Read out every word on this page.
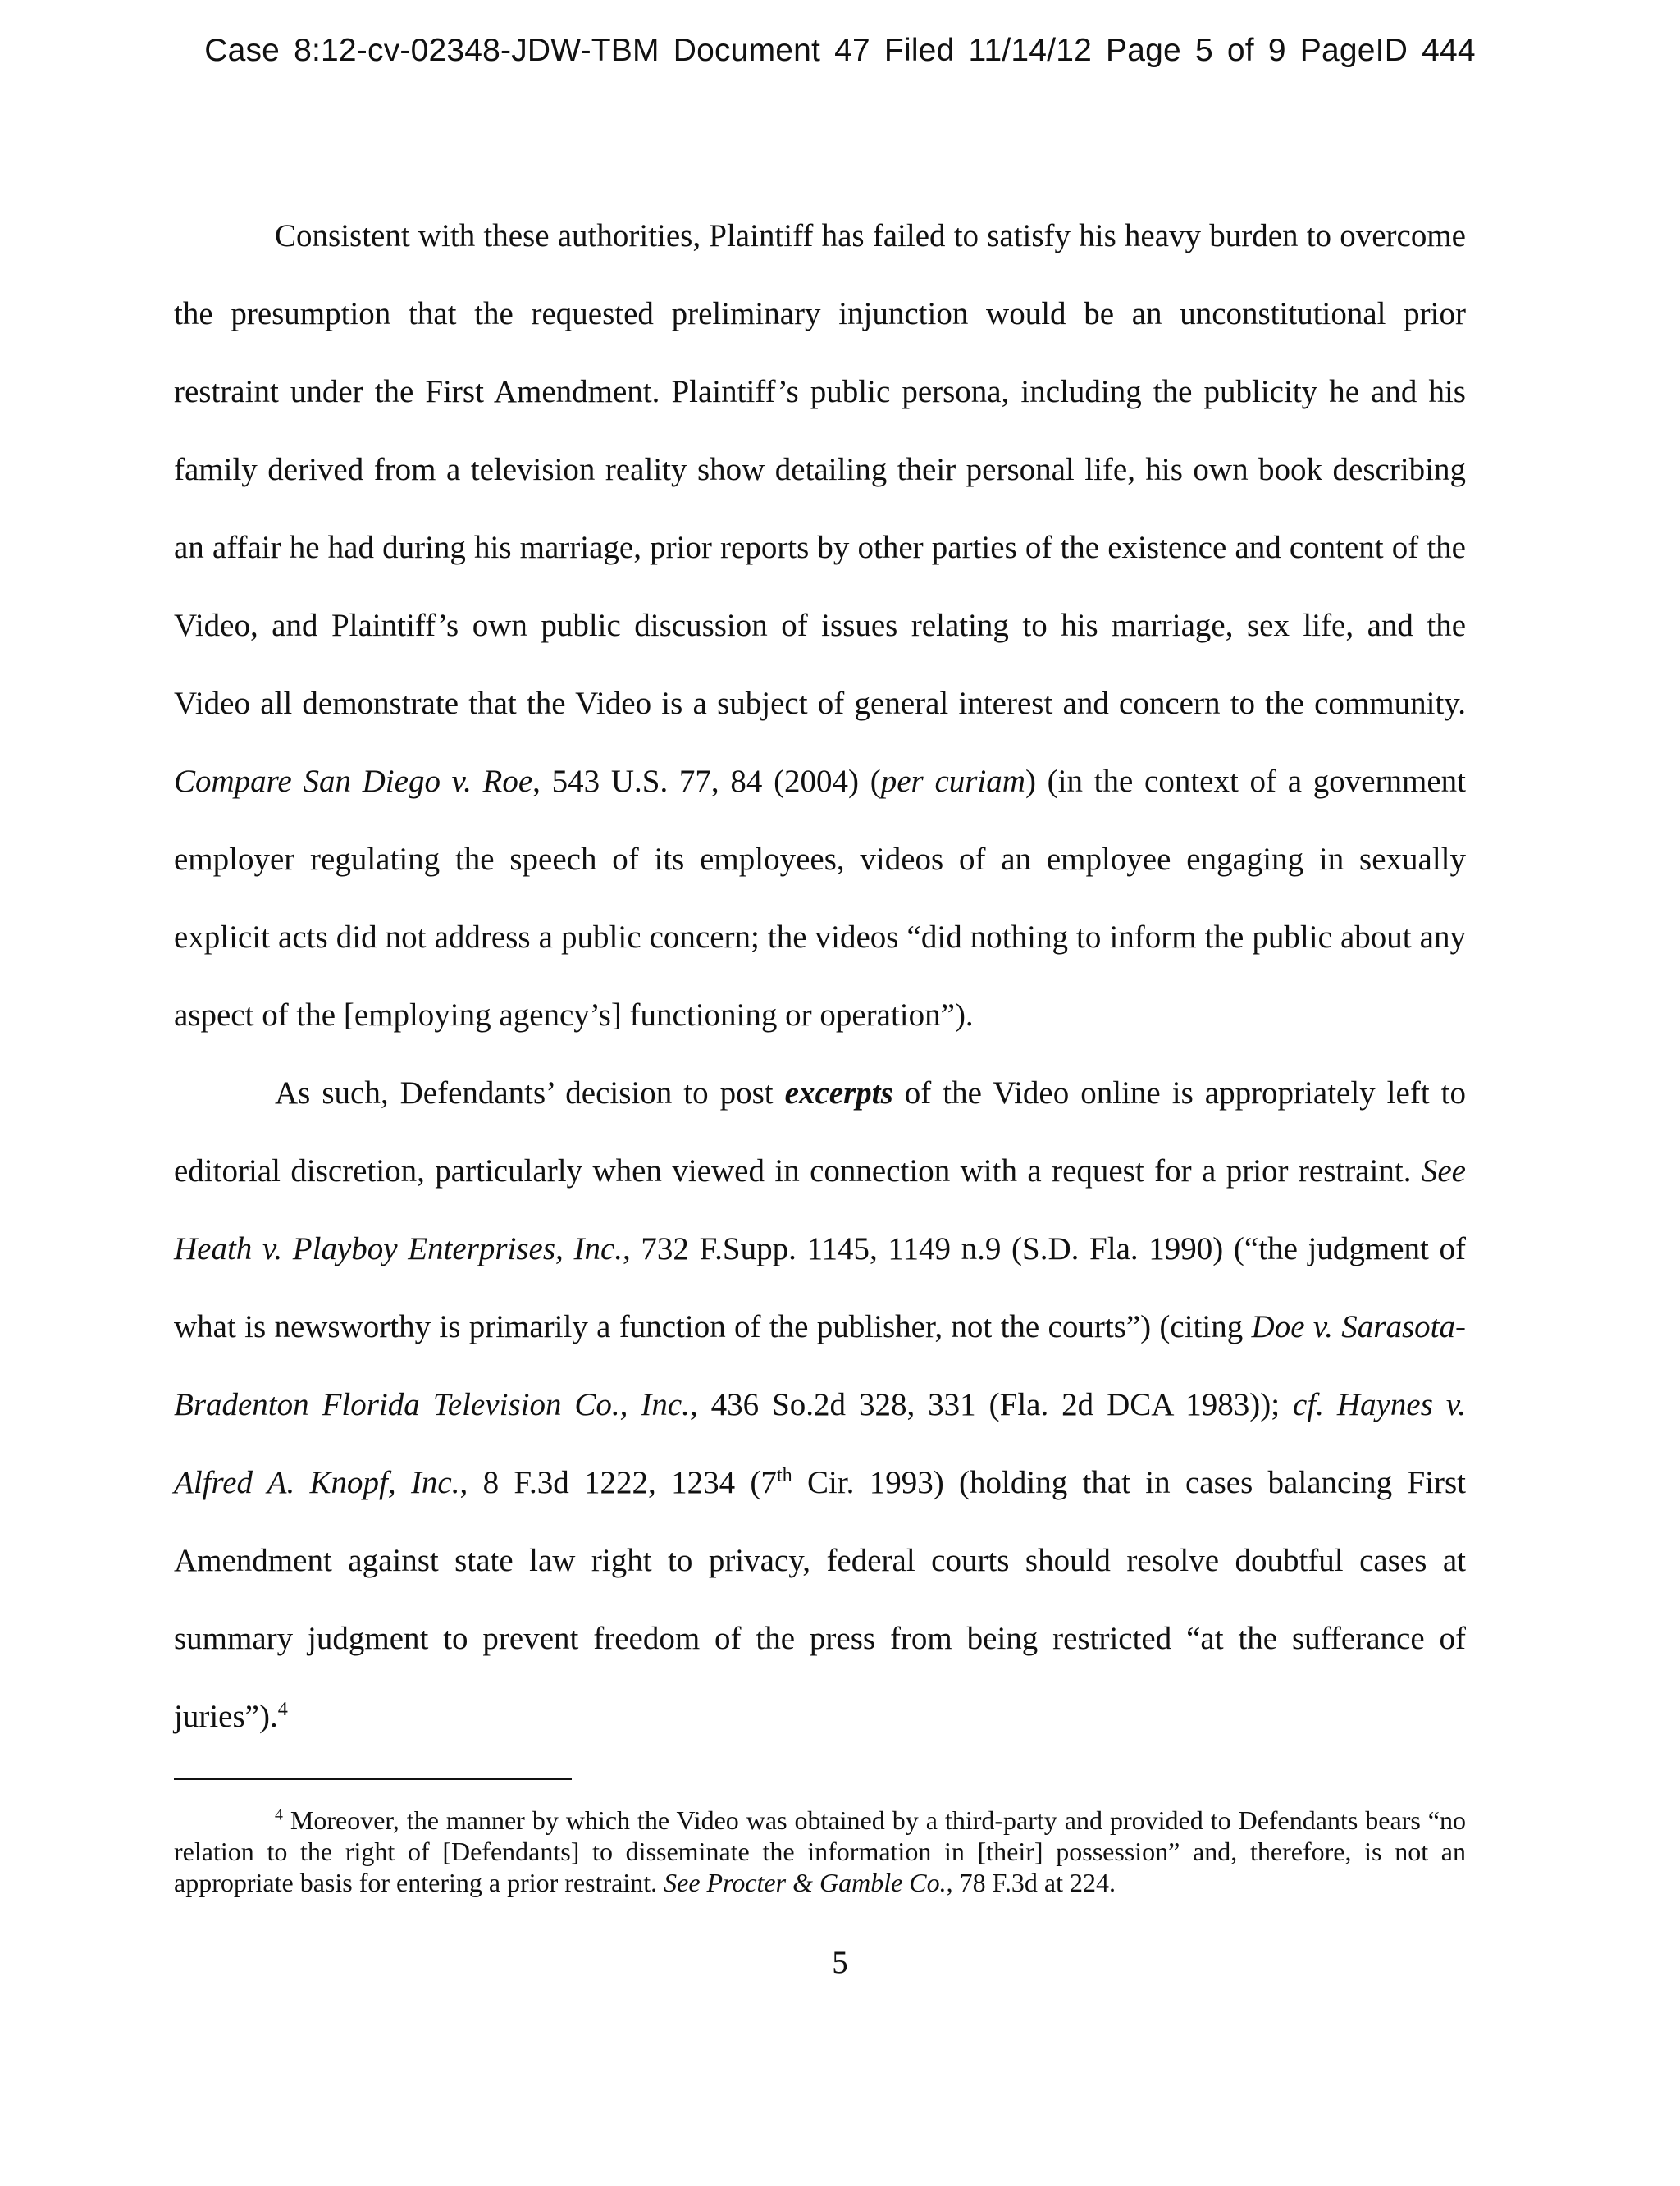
Case 8:12-cv-02348-JDW-TBM Document 47 Filed 11/14/12 Page 5 of 9 PageID 444

Consistent with these authorities, Plaintiff has failed to satisfy his heavy burden to overcome the presumption that the requested preliminary injunction would be an unconstitutional prior restraint under the First Amendment. Plaintiff’s public persona, including the publicity he and his family derived from a television reality show detailing their personal life, his own book describing an affair he had during his marriage, prior reports by other parties of the existence and content of the Video, and Plaintiff’s own public discussion of issues relating to his marriage, sex life, and the Video all demonstrate that the Video is a subject of general interest and concern to the community. Compare San Diego v. Roe, 543 U.S. 77, 84 (2004) (per curiam) (in the context of a government employer regulating the speech of its employees, videos of an employee engaging in sexually explicit acts did not address a public concern; the videos “did nothing to inform the public about any aspect of the [employing agency’s] functioning or operation”).

As such, Defendants’ decision to post excerpts of the Video online is appropriately left to editorial discretion, particularly when viewed in connection with a request for a prior restraint. See Heath v. Playboy Enterprises, Inc., 732 F.Supp. 1145, 1149 n.9 (S.D. Fla. 1990) (“the judgment of what is newsworthy is primarily a function of the publisher, not the courts”) (citing Doe v. Sarasota-Bradenton Florida Television Co., Inc., 436 So.2d 328, 331 (Fla. 2d DCA 1983)); cf. Haynes v. Alfred A. Knopf, Inc., 8 F.3d 1222, 1234 (7th Cir. 1993) (holding that in cases balancing First Amendment against state law right to privacy, federal courts should resolve doubtful cases at summary judgment to prevent freedom of the press from being restricted “at the sufferance of juries”).$^4$

$^4$ Moreover, the manner by which the Video was obtained by a third-party and provided to Defendants bears “no relation to the right of [Defendants] to disseminate the information in [their] possession” and, therefore, is not an appropriate basis for entering a prior restraint. See Procter & Gamble Co., 78 F.3d at 224.
5
